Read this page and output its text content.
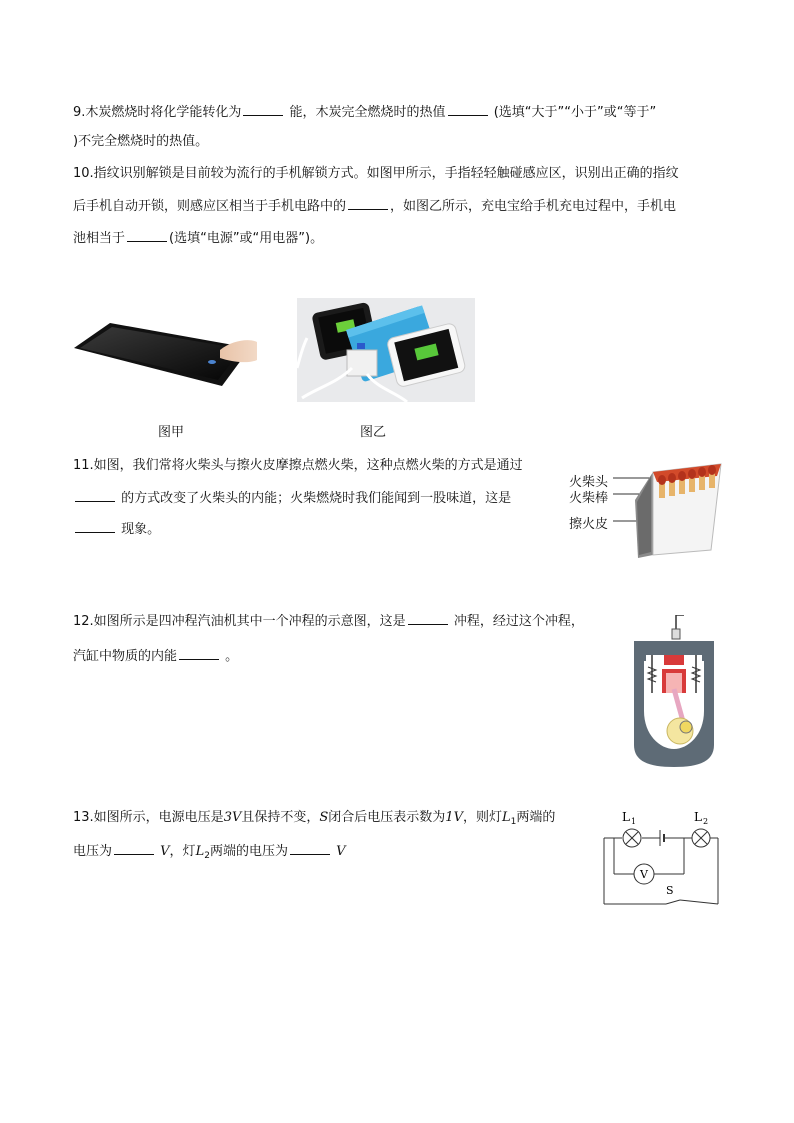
9.木炭燃烧时将化学能转化为	能，木炭完全燃烧时的热值	(选填“大于”“小于”或“等于”
)不完全燃烧时的热值。
10.指纹识别解锁是目前较为流行的手机解锁方式。如图甲所示，手指轻轻触碰感应区，识别出正确的指纹
后手机自动开锁，则感应区相当于手机电路中的	，如图乙所示，充电宝给手机充电过程中，手机电
池相当于	(选填“电源”或“用电器”)。
图甲	图乙
11.如图，我们常将火柴头与擦火皮摩擦点燃火柴，这种点燃火柴的方式是通过
的方式改变了火柴头的内能；火柴燃烧时我们能闻到一股味道，这是
现象。
火柴头
火柴棒
擦火皮
12.如图所示是四冲程汽油机其中一个冲程的示意图，这是	冲程，经过这个冲程，
汽缸中物质的内能	。
13.如图所示，电源电压是3V且保持不变，S闭合后电压表示数为1V，则灯$L_1$两端的
电压为	V，灯$L_2$两端的电压为	V
L 1	L 2
V
S
